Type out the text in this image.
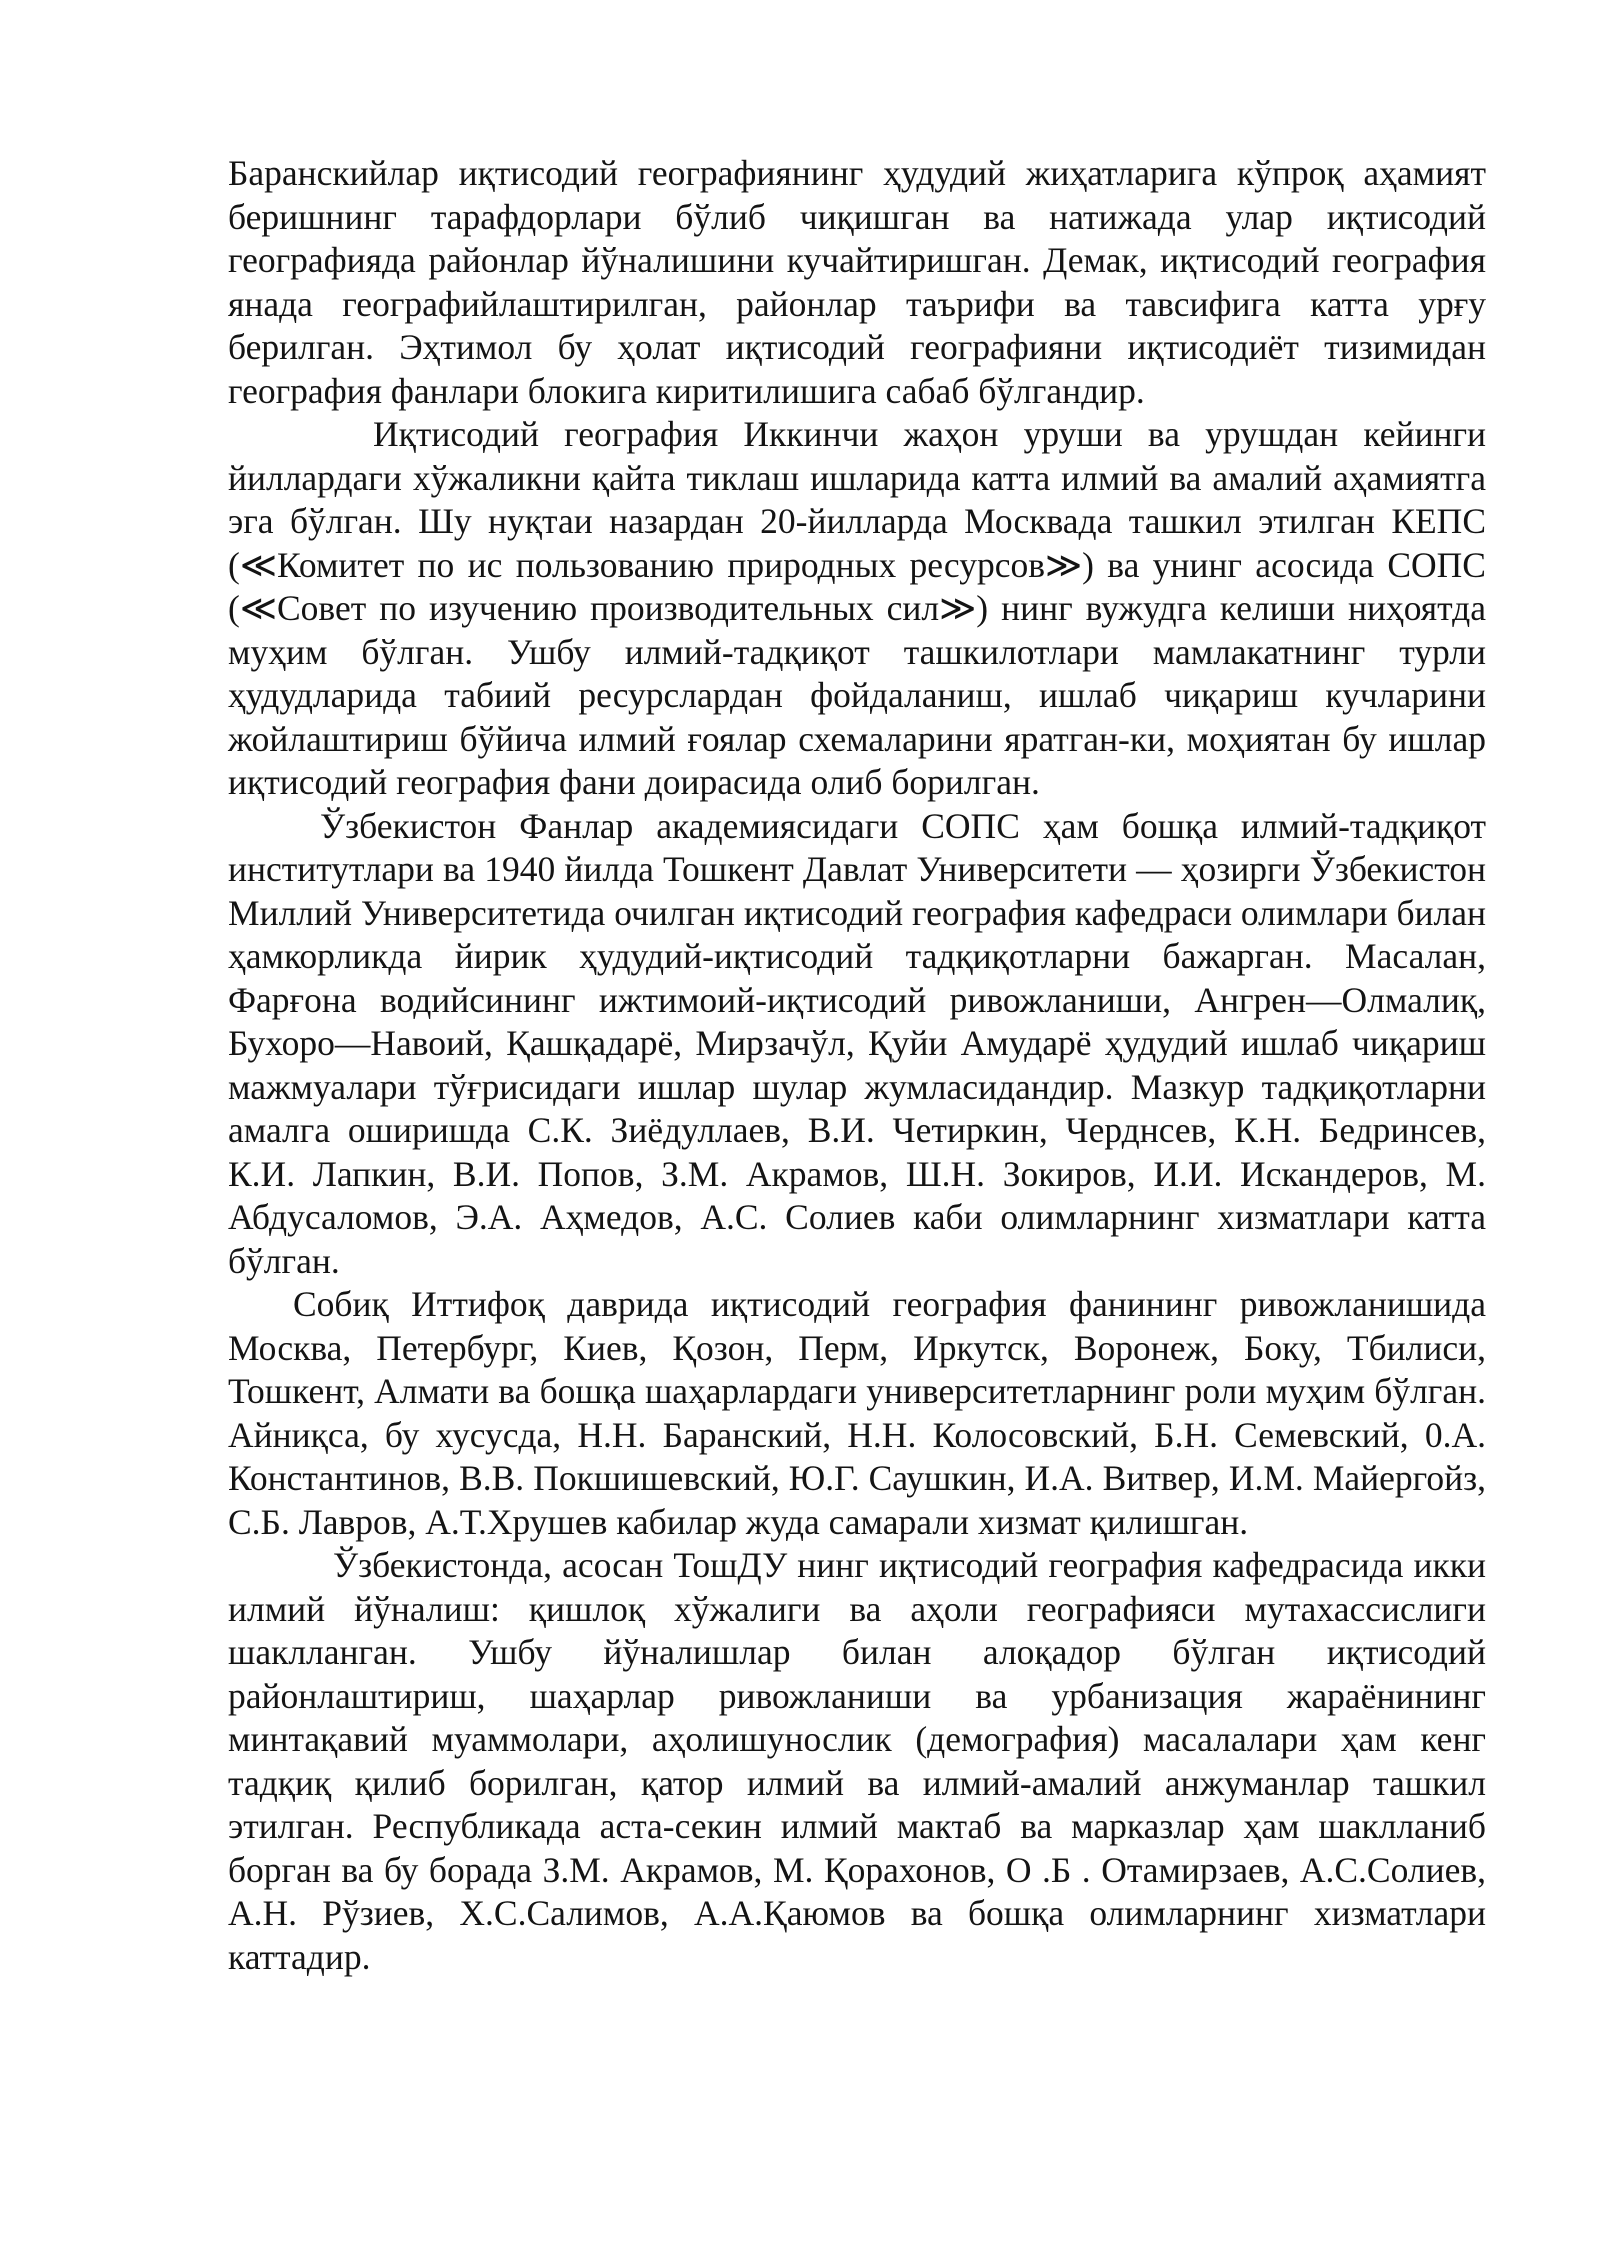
Баранскийлар иқтисодий географиянинг ҳудудий жиҳатларига кўпроқ аҳамият беришнинг тарафдорлари бўлиб чиқишган ва натижада улар иқтисодий географияда районлар йўналишини кучайтиришган. Демак, иқтисодий география янада географийлаштирилган, районлар таърифи ва тавсифига катта урғу берилган. Эҳтимол бу ҳолат иқтисодий географияни иқтисодиёт тизимидан география фанлари блокига киритилишига сабаб бўлгандир.

Иқтисодий география Иккинчи жаҳон уруши ва урушдан кейинги йиллардаги хўжаликни қайта тиклаш ишларида катта илмий ва амалий аҳамиятга эга бўлган. Шу нуқтаи назардан 20-йилларда Москвада ташкил этилган КЕПС (≪Комитет по ис пользованию природных ресурсов≫) ва унинг асосида СОПС (≪Совет по изучению производительных сил≫) нинг вужудга келиши ниҳоятда муҳим бўлган. Ушбу илмий-тадқиқот ташкилотлари мамлакатнинг турли ҳудудларида табиий ресурслардан фойдаланиш, ишлаб чиқариш кучларини жойлаштириш бўйича илмий ғоялар схемаларини яратган-ки, моҳиятан бу ишлар иқтисодий география фани доирасида олиб борилган.

Ўзбекистон Фанлар академиясидаги СОПС ҳам бошқа илмий-тадқиқот институтлари ва 1940 йилда Тошкент Давлат Университети — ҳозирги Ўзбекистон Миллий Университетида очилган иқтисодий география кафедраси олимлари билан ҳамкорликда йирик ҳудудий-иқтисодий тадқиқотларни бажарган. Масалан, Фарғона водийсининг ижтимоий-иқтисодий ривожланиши, Ангрен—Олмалиқ, Бухоро—Навоий, Қашқадарё, Мирзачўл, Қуйи Амударё ҳудудий ишлаб чиқариш мажмуалари тўғрисидаги ишлар шулар жумласидандир. Мазкур тадқиқотларни амалга оширишда С.К. Зиёдуллаев, В.И. Четиркин, Черднсев, К.Н. Бедринсев, К.И. Лапкин, В.И. Попов, З.М. Акрамов, Ш.Н. Зокиров, И.И. Искандеров, М. Абдусаломов, Э.А. Аҳмедов, А.С. Солиев каби олимларнинг хизматлари катта бўлган.

Собиқ Иттифоқ даврида иқтисодий география фанининг ривожланишида Москва, Петербург, Киев, Қозон, Перм, Иркутск, Воронеж, Боку, Тбилиси, Тошкент, Алмати ва бошқа шаҳарлардаги университетларнинг роли муҳим бўлган. Айниқса, бу хусусда, Н.Н. Баранский, Н.Н. Колосовский, Б.Н. Семевский, 0.А. Константинов, В.В. Покшишевский, Ю.Г. Саушкин, И.А. Витвер, И.М. Майергойз, С.Б. Лавров, А.Т.Хрушев кабилар жуда самарали хизмат қилишган.

Ўзбекистонда, асосан ТошДУ нинг иқтисодий география кафедрасида икки илмий йўналиш: қишлоқ хўжалиги ва аҳоли географияси мутахассислиги шаклланган. Ушбу йўналишлар билан алоқадор бўлган иқтисодий районлаштириш, шаҳарлар ривожланиши ва урбанизация жараёнининг минтақавий муаммолари, аҳолишунослик (демография) масалалари ҳам кенг тадқиқ қилиб борилган, қатор илмий ва илмий-амалий анжуманлар ташкил этилган. Республикада аста-секин илмий мактаб ва марказлар ҳам шаклланиб борган ва бу борада З.М. Акрамов, М. Қорахонов, О .Б . Отамирзаев, А.С.Солиев, А.Н. Рўзиев, Х.С.Салимов, А.А.Қаюмов ва бошқа олимларнинг хизматлари каттадир.
